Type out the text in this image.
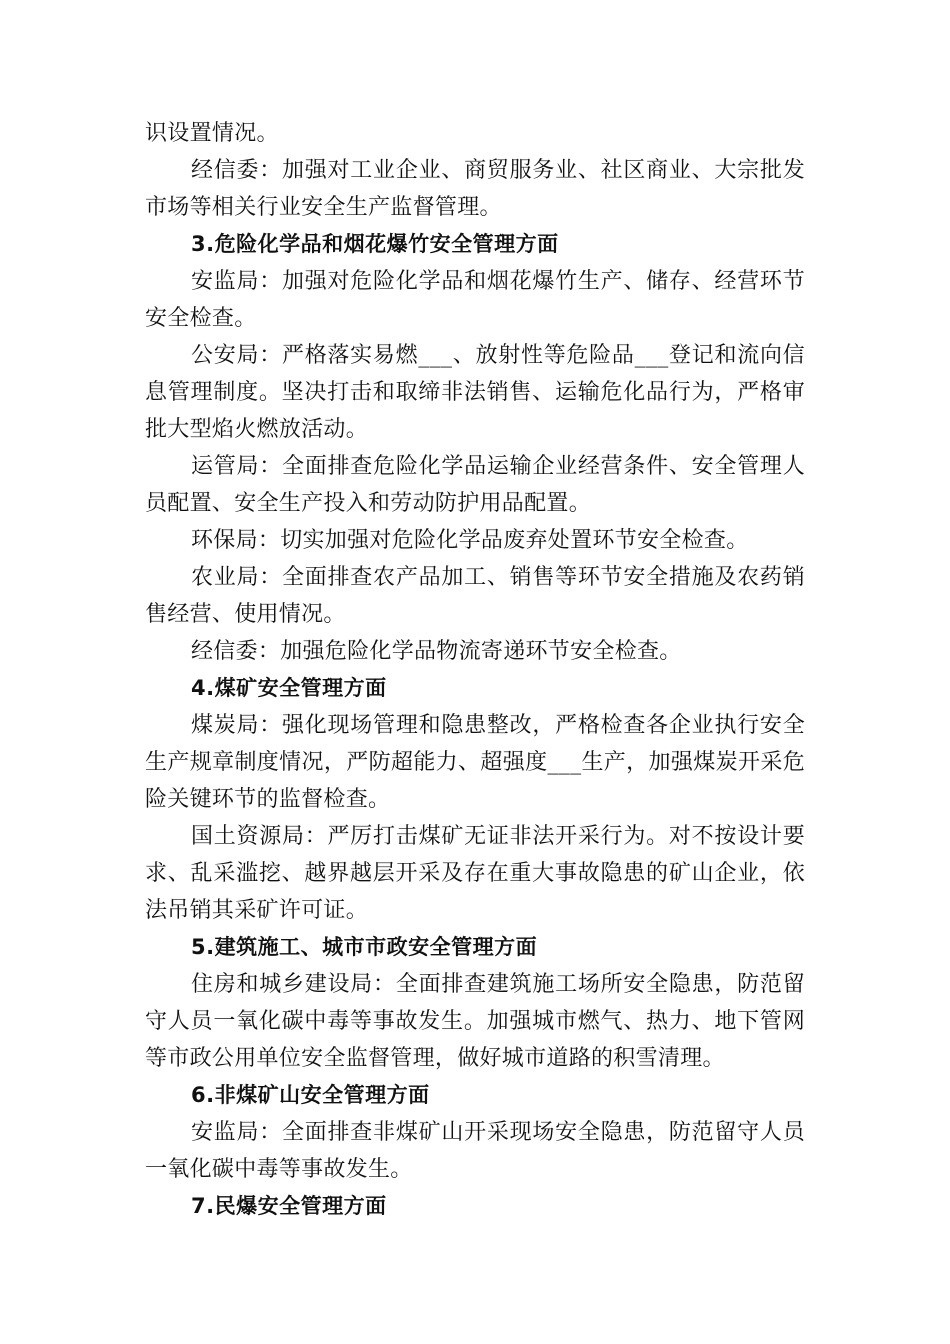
识设置情况。
经信委：加强对工业企业、商贸服务业、社区商业、大宗批发
市场等相关行业安全生产监督管理。
3.危险化学品和烟花爆竹安全管理方面
安监局：加强对危险化学品和烟花爆竹生产、储存、经营环节
安全检查。
公安局：严格落实易燃___、放射性等危险品___登记和流向信
息管理制度。坚决打击和取缔非法销售、运输危化品行为，严格审
批大型焰火燃放活动。
运管局：全面排查危险化学品运输企业经营条件、安全管理人
员配置、安全生产投入和劳动防护用品配置。
环保局：切实加强对危险化学品废弃处置环节安全检查。
农业局：全面排查农产品加工、销售等环节安全措施及农药销
售经营、使用情况。
经信委：加强危险化学品物流寄递环节安全检查。
4.煤矿安全管理方面
煤炭局：强化现场管理和隐患整改，严格检查各企业执行安全
生产规章制度情况，严防超能力、超强度___生产，加强煤炭开采危
险关键环节的监督检查。
国土资源局：严厉打击煤矿无证非法开采行为。对不按设计要
求、乱采滥挖、越界越层开采及存在重大事故隐患的矿山企业，依
法吊销其采矿许可证。
5.建筑施工、城市市政安全管理方面
住房和城乡建设局：全面排查建筑施工场所安全隐患，防范留
守人员一氧化碳中毒等事故发生。加强城市燃气、热力、地下管网
等市政公用单位安全监督管理，做好城市道路的积雪清理。
6.非煤矿山安全管理方面
安监局：全面排查非煤矿山开采现场安全隐患，防范留守人员
一氧化碳中毒等事故发生。
7.民爆安全管理方面
